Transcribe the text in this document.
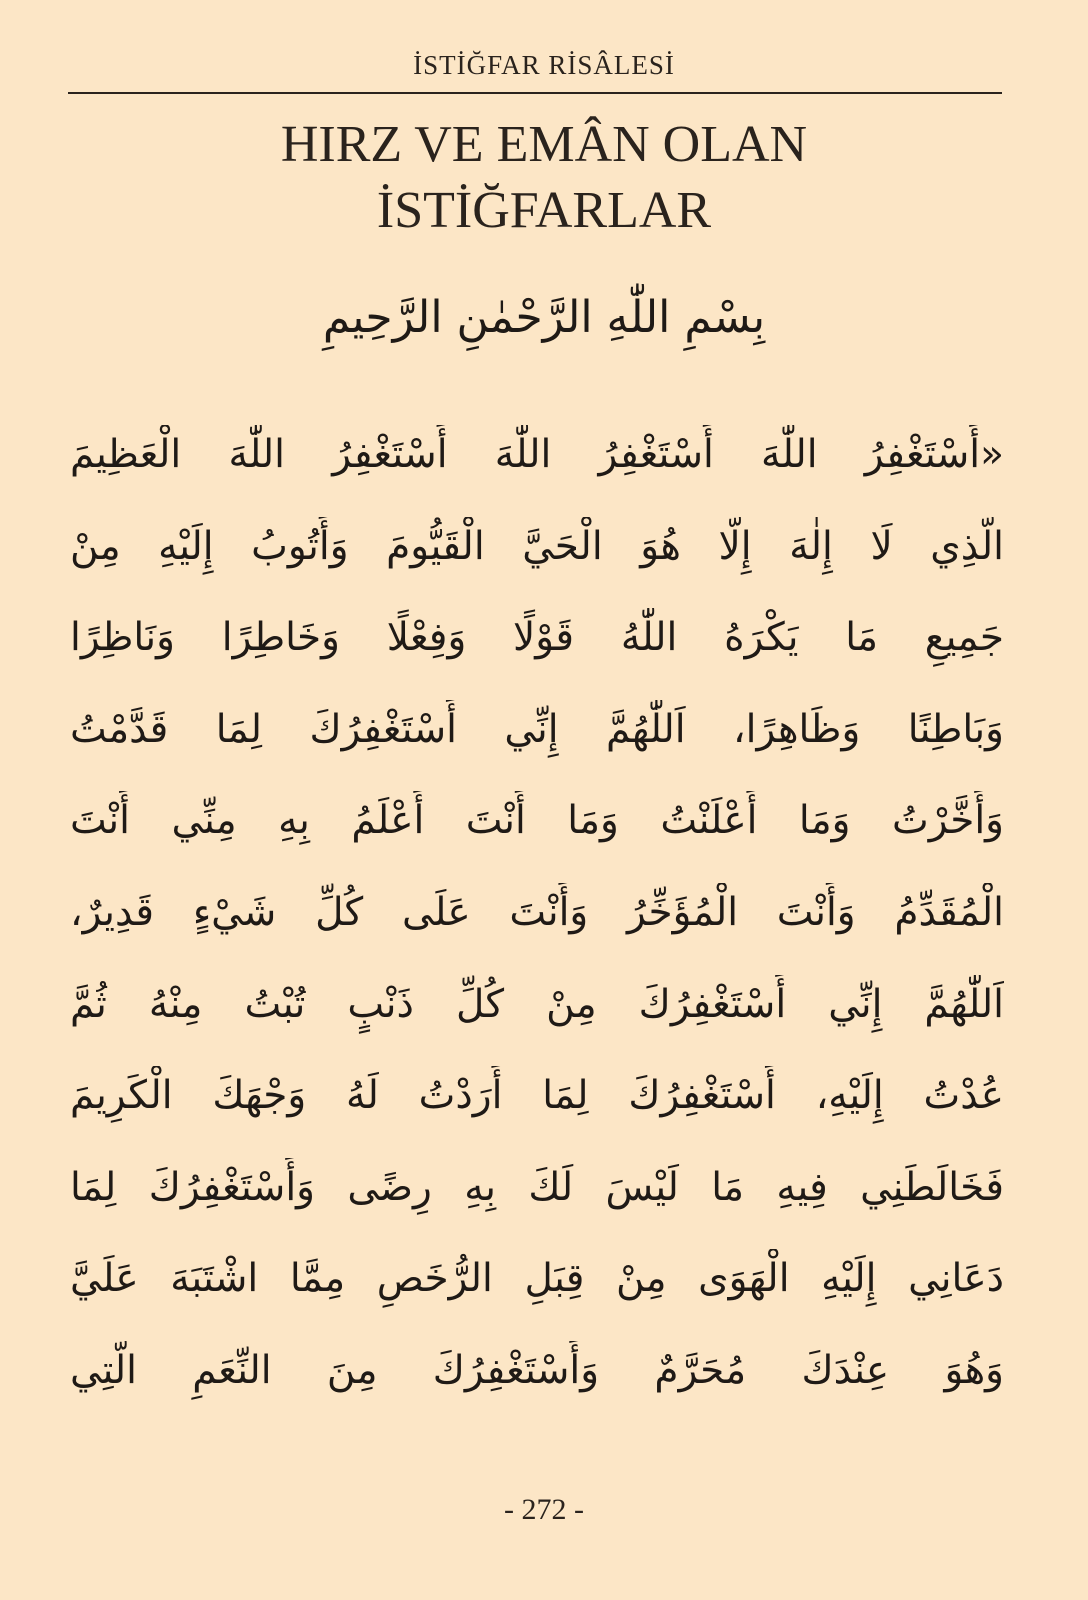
İSTİĞFAR RİSÂLESİ
HIRZ VE EMÂN OLAN
İSTİĞFARLAR
بِسْمِ اللّٰهِ الرَّحْمٰنِ الرَّحِيمِ
«أَسْتَغْفِرُ اللّٰهَ أَسْتَغْفِرُ اللّٰهَ أَسْتَغْفِرُ اللّٰهَ الْعَظِيمَ
الَّذِي لَا إِلٰهَ إِلَّا هُوَ الْحَيَّ الْقَيُّومَ وَأَتُوبُ إِلَيْهِ مِنْ
جَمِيعِ مَا يَكْرَهُ اللّٰهُ قَوْلًا وَفِعْلًا وَخَاطِرًا وَنَاظِرًا
وَبَاطِنًا وَظَاهِرًا، اَللّٰهُمَّ إِنِّي أَسْتَغْفِرُكَ لِمَا قَدَّمْتُ
وَأَخَّرْتُ وَمَا أَعْلَنْتُ وَمَا أَنْتَ أَعْلَمُ بِهِ مِنِّي أَنْتَ
الْمُقَدِّمُ وَأَنْتَ الْمُؤَخِّرُ وَأَنْتَ عَلَى كُلِّ شَيْءٍ قَدِيرٌ،
اَللّٰهُمَّ إِنِّي أَسْتَغْفِرُكَ مِنْ كُلِّ ذَنْبٍ تُبْتُ مِنْهُ ثُمَّ
عُدْتُ إِلَيْهِ، أَسْتَغْفِرُكَ لِمَا أَرَدْتُ لَهُ وَجْهَكَ الْكَرِيمَ
فَخَالَطَنِي فِيهِ مَا لَيْسَ لَكَ بِهِ رِضًى وَأَسْتَغْفِرُكَ لِمَا
دَعَانِي إِلَيْهِ الْهَوَى مِنْ قِبَلِ الرُّخَصِ مِمَّا اشْتَبَهَ عَلَيَّ
وَهُوَ عِنْدَكَ مُحَرَّمٌ وَأَسْتَغْفِرُكَ مِنَ النِّعَمِ الَّتِي
- 272 -
